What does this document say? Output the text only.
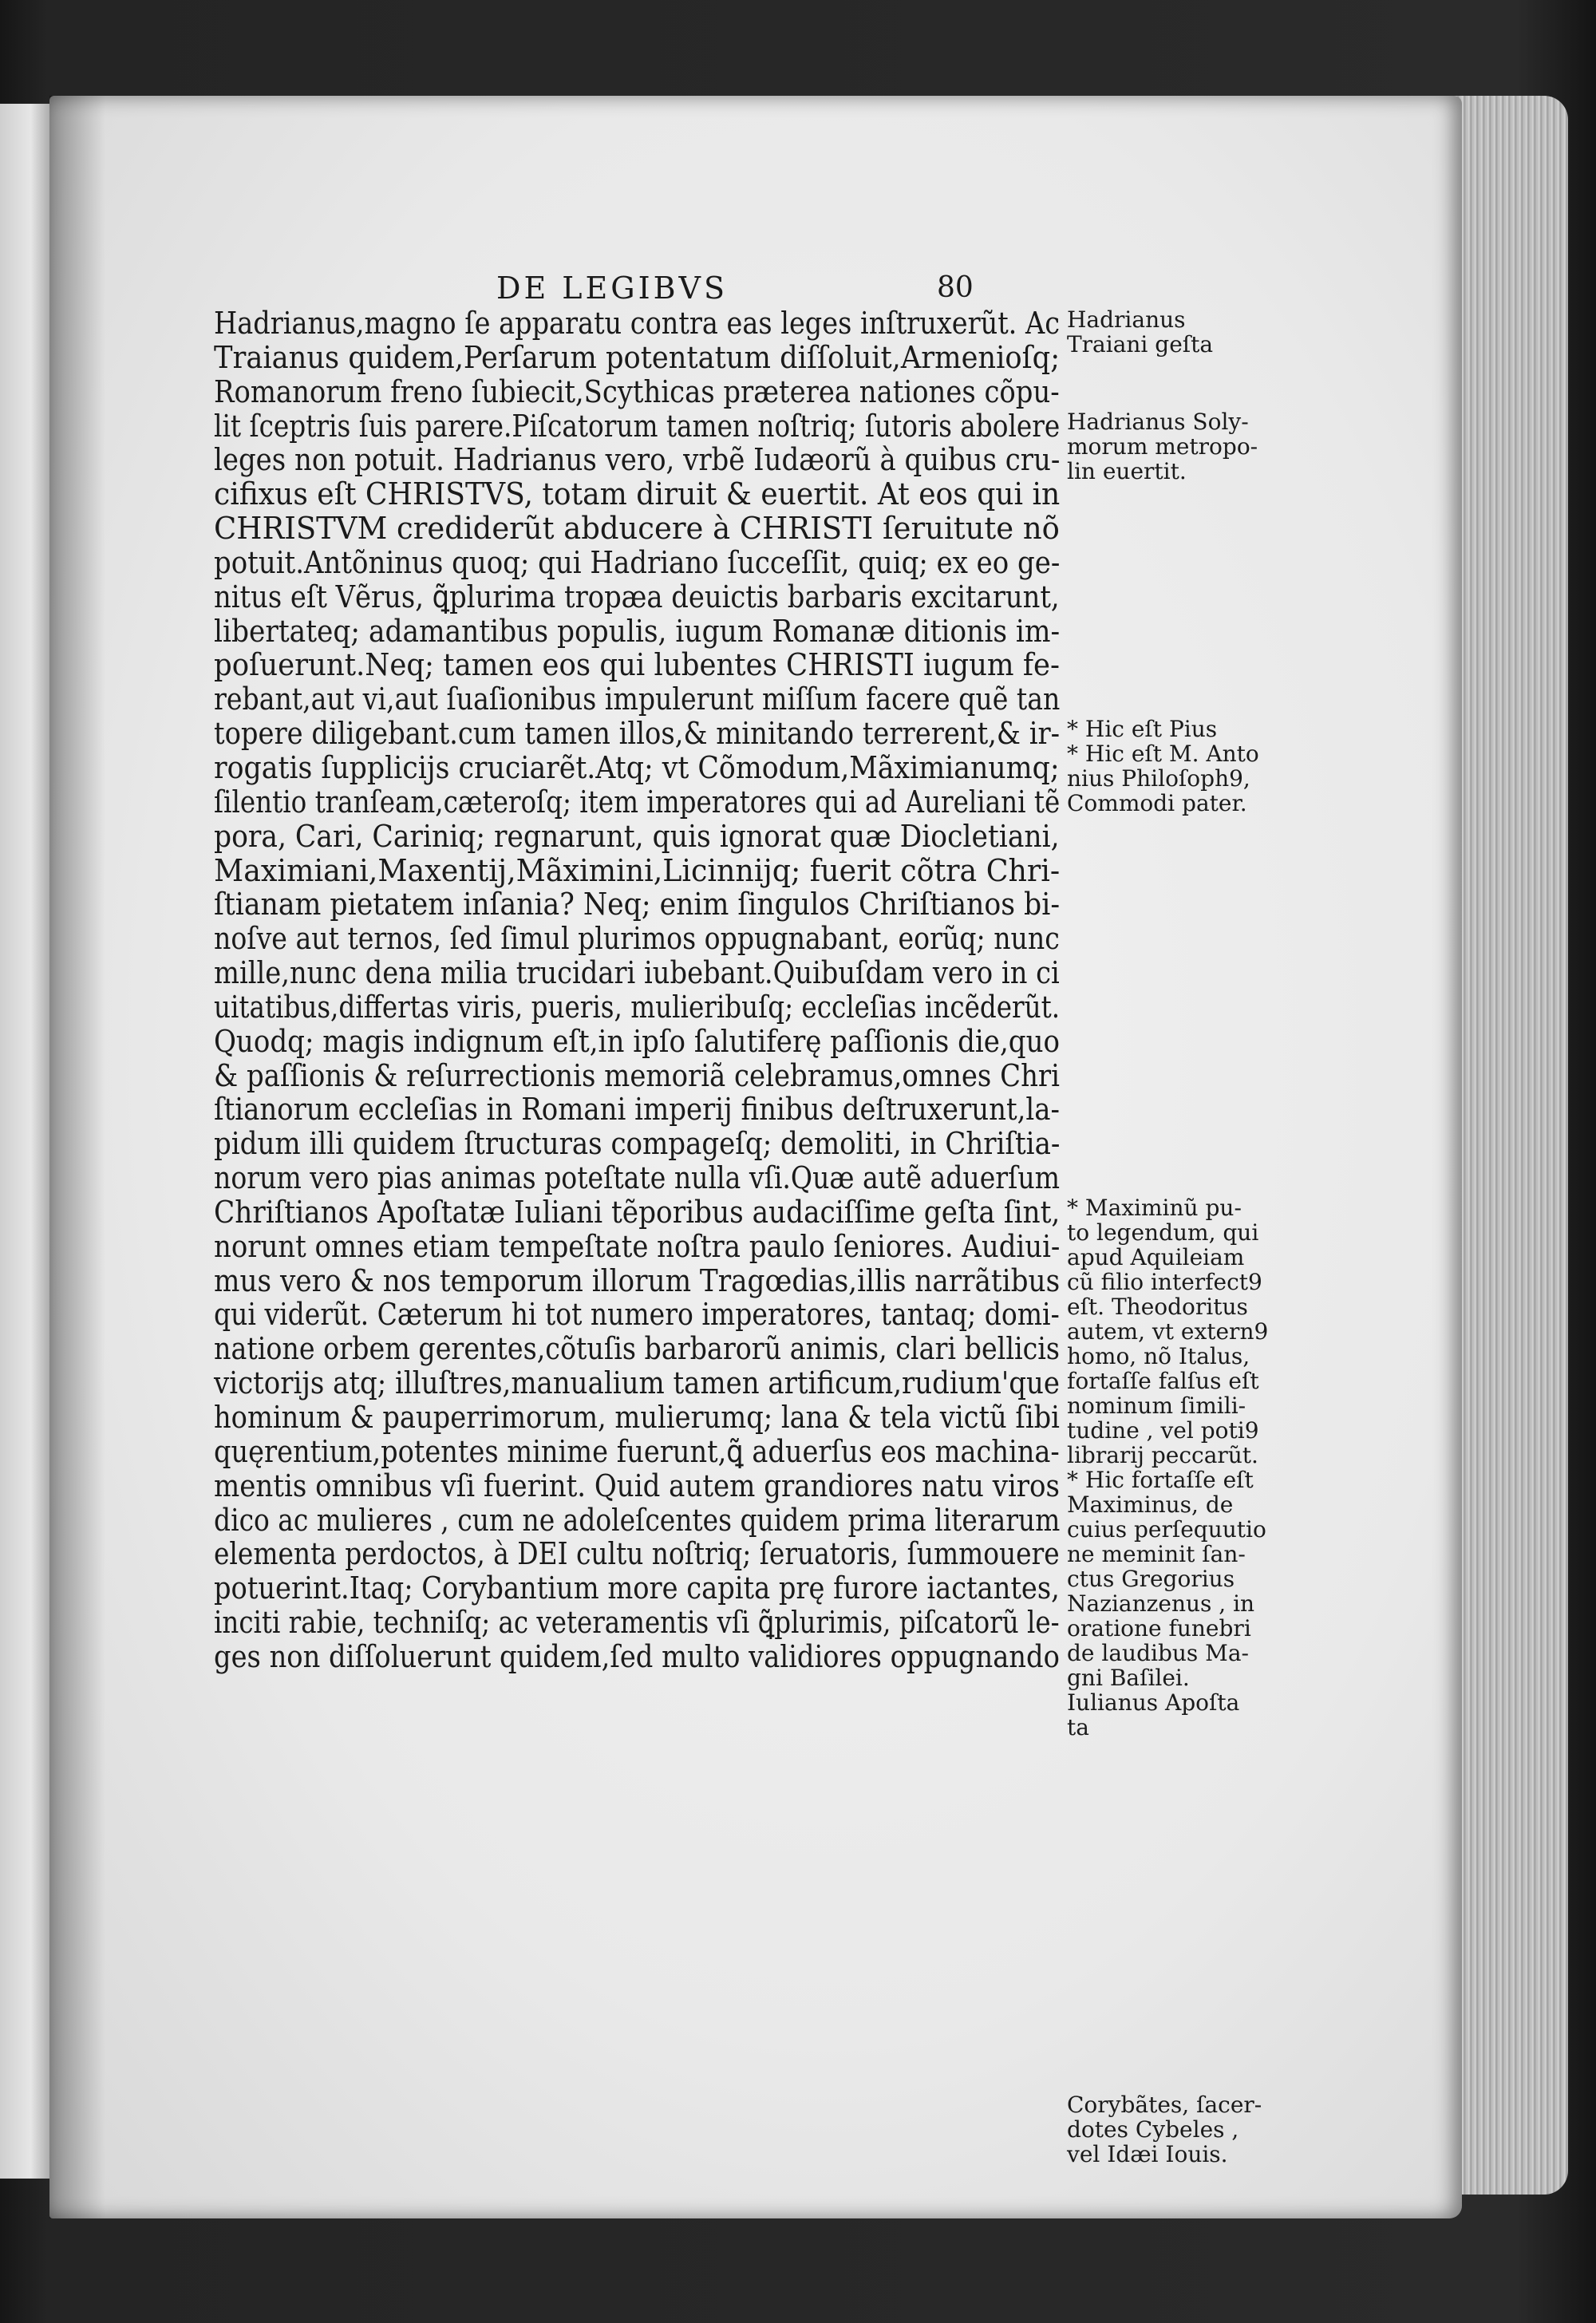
DE LEGIBVS	80
Hadrianus,magno ſe apparatu contra eas leges inſtruxerũt. Ac
Traianus quidem,Perſarum potentatum diſſoluit,Armenioſq;
Romanorum freno ſubiecit,Scythicas præterea nationes cõpu-
lit ſceptris ſuis parere.Piſcatorum tamen noſtriq; ſutoris abolere
leges non potuit. Hadrianus vero, vrbẽ Iudæorũ à quibus cru-
cifixus eſt CHRISTVS, totam diruit & euertit. At eos qui in
CHRISTVM crediderũt abducere à CHRISTI ſeruitute nõ
potuit.Antõninus quoq; qui Hadriano ſucceſſit, quiq; ex eo ge-
nitus eſt Vẽrus, ꝗ̃plurima tropæa deuictis barbaris excitarunt,
libertateq; adamantibus populis, iugum Romanæ ditionis im-
poſuerunt.Neq; tamen eos qui lubentes CHRISTI iugum fe-
rebant,aut vi,aut ſuaſionibus impulerunt miſſum facere quẽ tan
topere diligebant.cum tamen illos,& minitando terrerent,& ir-
rogatis ſupplicijs cruciarẽt.Atq; vt Cõmodum,Mãximianumq;
ſilentio tranſeam,cæteroſq; item imperatores qui ad Aureliani tẽ
pora, Cari, Cariniq; regnarunt, quis ignorat quæ Diocletiani,
Maximiani,Maxentij,Mãximini,Licinnijq; fuerit cõtra Chri-
ſtianam pietatem inſania? Neq; enim ſingulos Chriſtianos bi-
noſve aut ternos, ſed ſimul plurimos oppugnabant, eorũq; nunc
mille,nunc dena milia trucidari iubebant.Quibuſdam vero in ci
uitatibus,differtas viris, pueris, mulieribuſq; eccleſias incẽderũt.
Quodq; magis indignum eſt,in ipſo ſalutiferę paſſionis die,quo
& paſſionis & reſurrectionis memoriã celebramus,omnes Chri
ſtianorum eccleſias in Romani imperij finibus deſtruxerunt,la-
pidum illi quidem ſtructuras compageſq; demoliti, in Chriſtia-
norum vero pias animas poteſtate nulla vſi.Quæ autẽ aduerſum
Chriſtianos Apoſtatæ Iuliani tẽporibus audaciſſime geſta ſint,
norunt omnes etiam tempeſtate noſtra paulo ſeniores. Audiui-
mus vero & nos temporum illorum Tragœdias,illis narrãtibus
qui viderũt. Cæterum hi tot numero imperatores, tantaq; domi-
natione orbem gerentes,cõtuſis barbarorũ animis, clari bellicis
victorijs atq; illuſtres,manualium tamen artificum,rudium'que
hominum & pauperrimorum, mulierumq; lana & tela victũ ſibi
quęrentium,potentes minime fuerunt,ꝗ̃ aduerſus eos machina-
mentis omnibus vſi fuerint. Quid autem grandiores natu viros
dico ac mulieres , cum ne adoleſcentes quidem prima literarum
elementa perdoctos, à DEI cultu noſtriq; ſeruatoris, ſummouere
potuerint.Itaq; Corybantium more capita prę furore iactantes,
inciti rabie, techniſq; ac veteramentis vſi ꝗ̃plurimis, piſcatorũ le-
ges non diſſoluerunt quidem,ſed multo validiores oppugnando
Hadrianus
Traiani geſta
Hadrianus Soly-
morum metropo-
lin euertit.
* Hic eſt Pius
* Hic eſt M. Anto
nius Philoſoph9,
Commodi pater.
* Maximinũ pu-
to legendum, qui
apud Aquileiam
cũ filio interfect9
eſt. Theodoritus
autem, vt extern9
homo, nõ Italus,
fortaſſe falſus eſt
nominum ſimili-
tudine , vel poti9
librarij peccarũt.
* Hic fortaſſe eſt
Maximinus, de
cuius perſequutio
ne meminit ſan-
ctus Gregorius
Nazianzenus , in
oratione funebri
de laudibus Ma-
gni Baſilei.
Iulianus Apoſta
ta
Corybãtes, ſacer-
dotes Cybeles ,
vel Idæi Iouis.
